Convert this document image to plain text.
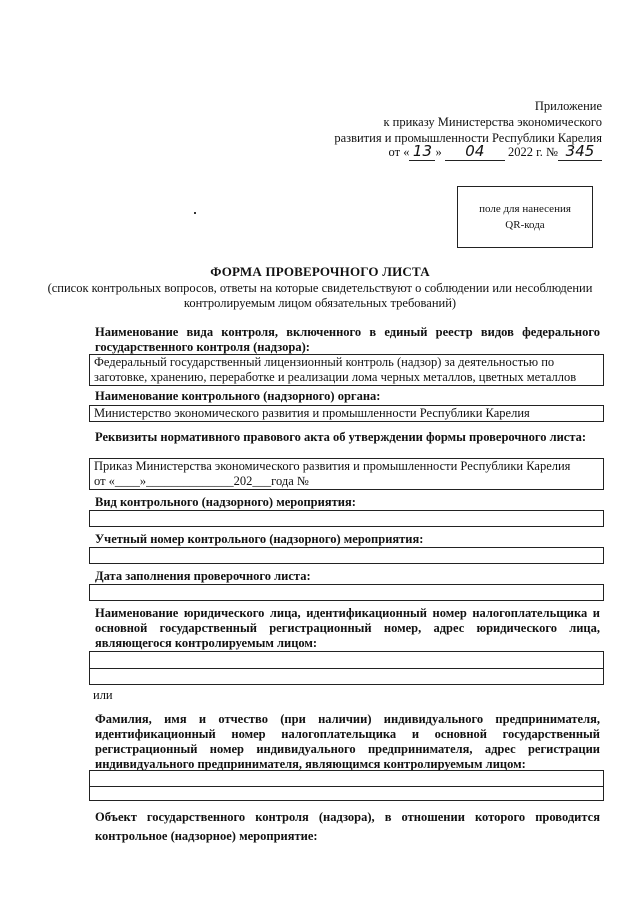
Приложение
к приказу Министерства экономического
развития и промышленности Республики Карелия
от « 13 » 04 2022 г. № 345
поле для нанесения
QR-кода
ФОРМА ПРОВЕРОЧНОГО ЛИСТА
(список контрольных вопросов, ответы на которые свидетельствуют о соблюдении или несоблюдении контролируемым лицом обязательных требований)
Наименование вида контроля, включенного в единый реестр видов федерального государственного контроля (надзора):
Федеральный государственный лицензионный контроль (надзор) за деятельностью по
заготовке, хранению, переработке и реализации лома черных металлов, цветных металлов
Наименование контрольного (надзорного) органа:
Министерство экономического развития и промышленности Республики Карелия
Реквизиты нормативного правового акта об утверждении формы проверочного листа:
Приказ Министерства экономического развития и промышленности Республики Карелия
от «____»______________202___года №
Вид контрольного (надзорного) мероприятия:
Учетный номер контрольного (надзорного) мероприятия:
Дата заполнения проверочного листа:
Наименование юридического лица, идентификационный номер налогоплательщика и основной государственный регистрационный номер, адрес юридического лица, являющегося контролируемым лицом:
или
Фамилия, имя и отчество (при наличии) индивидуального предпринимателя, идентификационный номер налогоплательщика и основной государственный регистрационный номер индивидуального предпринимателя, адрес регистрации индивидуального предпринимателя, являющимся контролируемым лицом:
Объект государственного контроля (надзора), в отношении которого проводится контрольное (надзорное) мероприятие:
